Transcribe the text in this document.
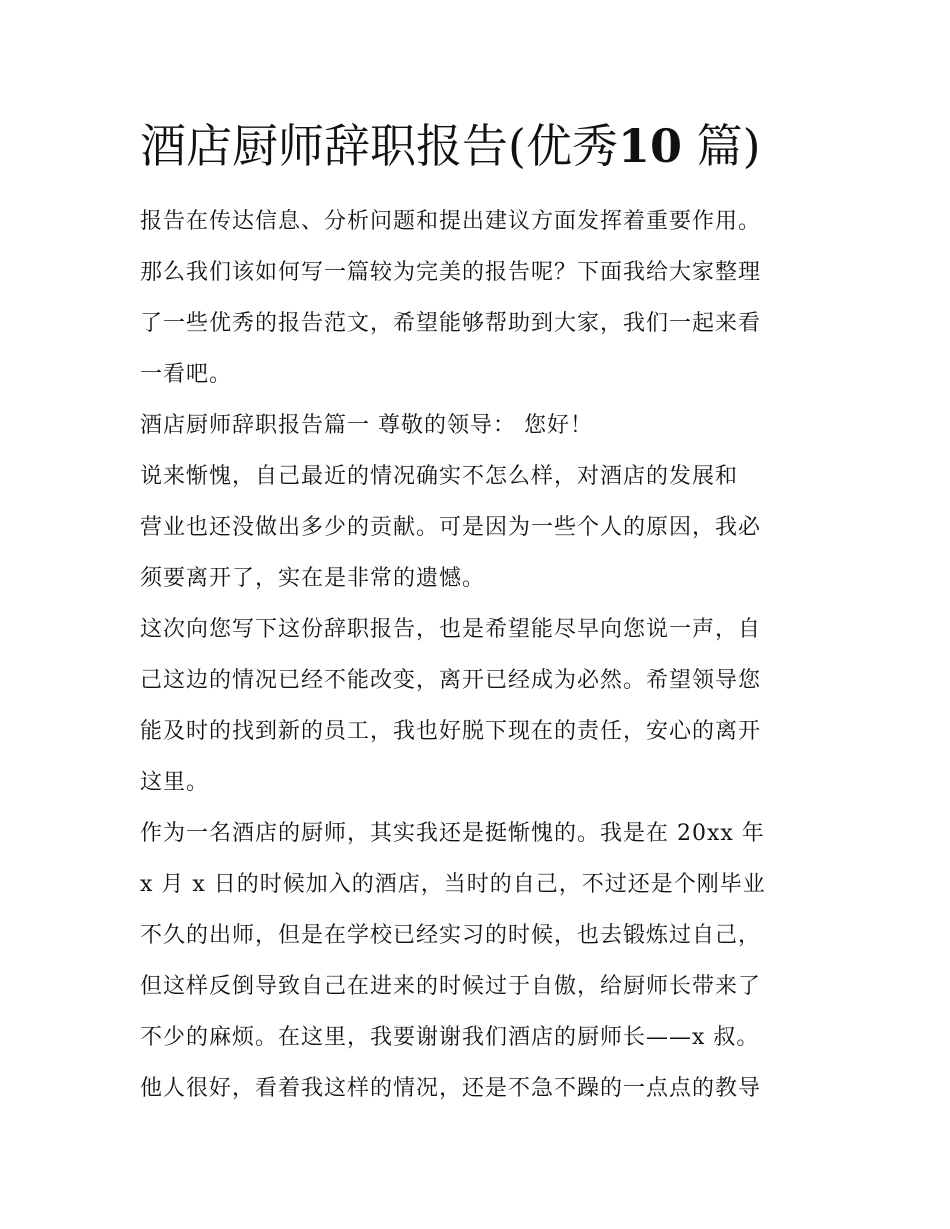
酒店厨师辞职报告(优秀10 篇)

报告在传达信息、分析问题和提出建议方面发挥着重要作用。

那么我们该如何写一篇较为完美的报告呢？下面我给大家整理

了一些优秀的报告范文，希望能够帮助到大家，我们一起来看

一看吧。

酒店厨师辞职报告篇一 尊敬的领导： 您好！

说来惭愧，自己最近的情况确实不怎么样，对酒店的发展和

营业也还没做出多少的贡献。可是因为一些个人的原因，我必

须要离开了，实在是非常的遗憾。

这次向您写下这份辞职报告，也是希望能尽早向您说一声，自

己这边的情况已经不能改变，离开已经成为必然。希望领导您

能及时的找到新的员工，我也好脱下现在的责任，安心的离开

这里。

作为一名酒店的厨师，其实我还是挺惭愧的。我是在 20xx 年

x 月 x 日的时候加入的酒店，当时的自己，不过还是个刚毕业

不久的出师，但是在学校已经实习的时候，也去锻炼过自己，

但这样反倒导致自己在进来的时候过于自傲，给厨师长带来了

不少的麻烦。在这里，我要谢谢我们酒店的厨师长——x 叔。

他人很好，看着我这样的情况，还是不急不躁的一点点的教导
